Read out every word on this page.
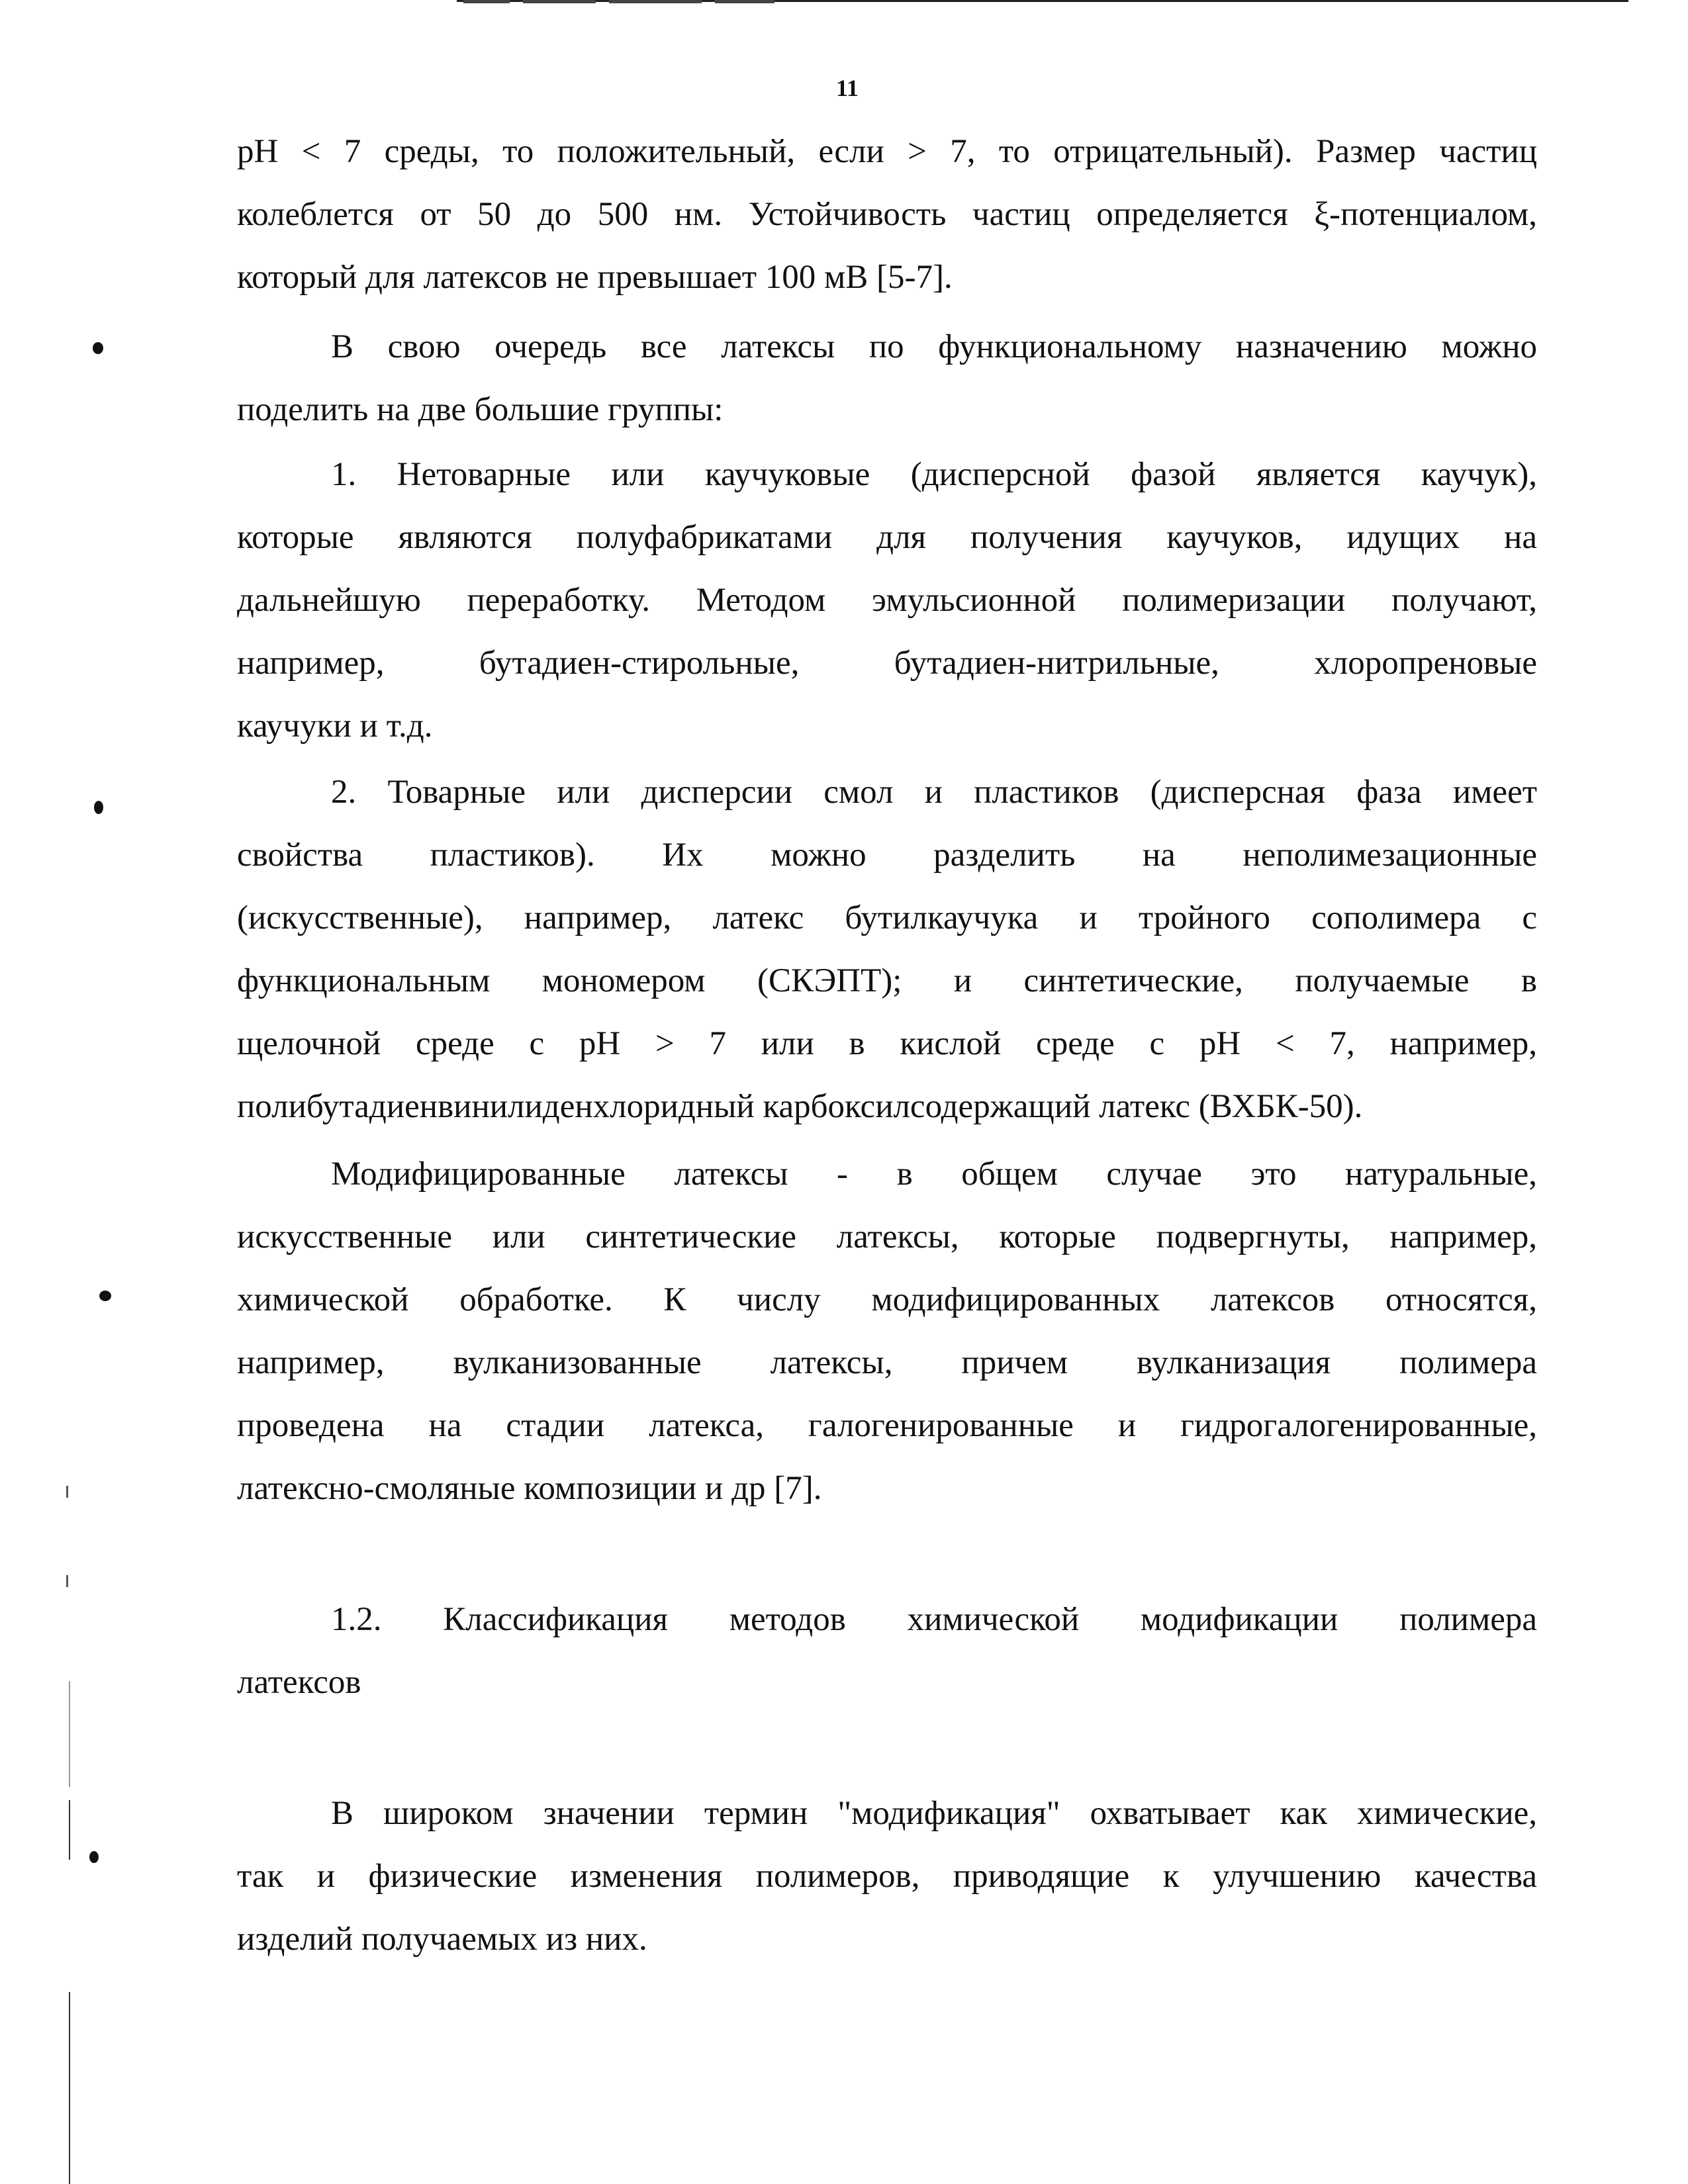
11
рН < 7 среды, то положительный, если > 7, то отрицательный). Размер частиц
колеблется от 50 до 500 нм. Устойчивость частиц определяется ξ-потенциалом,
который для латексов не превышает 100 мВ [5-7].
В свою очередь все латексы по функциональному назначению можно
поделить на две большие группы:
1. Нетоварные или каучуковые (дисперсной фазой является каучук),
которые являются полуфабрикатами для получения каучуков, идущих на
дальнейшую переработку. Методом эмульсионной полимеризации получают,
например, бутадиен-стирольные, бутадиен-нитрильные, хлоропреновые
каучуки и т.д.
2. Товарные или дисперсии смол и пластиков (дисперсная фаза имеет
свойства пластиков). Их можно разделить на неполимезационные
(искусственные), например, латекс бутилкаучука и тройного сополимера с
функциональным мономером (СКЭПТ); и синтетические, получаемые в
щелочной среде с рН > 7 или в кислой среде с рН < 7, например,
полибутадиенвинилиденхлоридный карбоксилсодержащий латекс (ВХБК-50).
Модифицированные латексы - в общем случае это натуральные,
искусственные или синтетические латексы, которые подвергнуты, например,
химической обработке. К числу модифицированных латексов относятся,
например, вулканизованные латексы, причем вулканизация полимера
проведена на стадии латекса, галогенированные и гидрогалогенированные,
латексно-смоляные композиции и др [7].
1.2. Классификация методов химической модификации полимера
латексов
В широком значении термин "модификация" охватывает как химические,
так и физические изменения полимеров, приводящие к улучшению качества
изделий получаемых из них.
